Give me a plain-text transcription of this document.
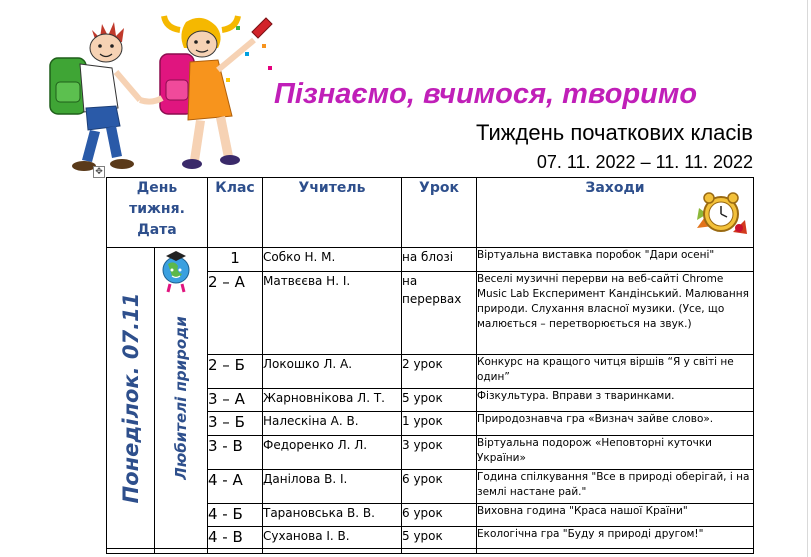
Пізнаємо, вчимося, творимо
Тиждень початкових класів
07. 11. 2022 – 11. 11. 2022
✥
День
тижня.
Дата		Клас	Учитель	Урок	Заходи

Понеділок. 07.11	Любителі природи	1	Собко Н. М.	на блозі	Віртуальна виставка поробок "Дари осені"
		2 – А	Матвєєва Н. І.	на перервах	Веселі музичні перерви на веб-сайті Chrome Music Lab Експеримент Кандінський. Малювання природи. Слухання власної музики. (Усе, що малюється – перетворюється на звук.)
		2 – Б	Локошко Л. А.	2 урок	Конкурс на кращого читця віршів “Я у світі не один”
		3 – А	Жарновнікова Л. Т.	5 урок	Фізкультура. Вправи з тваринками.
		3 – Б	Налескіна А. В.	1 урок	Природознавча гра «Визнач зайве слово».
		3 - В	Федоренко Л. Л.	3 урок	Віртуальна подорож «Неповторні куточки України»
		4 - А	Данілова В. І.	6 урок	Година спілкування "Все в природі оберігай, і на землі настане рай."
		4 - Б	Тарановська В. В.	6 урок	Виховна година "Краса нашої Країни"
		4 - В	Суханова І. В.	5 урок	Екологічна гра "Буду я природі другом!"
